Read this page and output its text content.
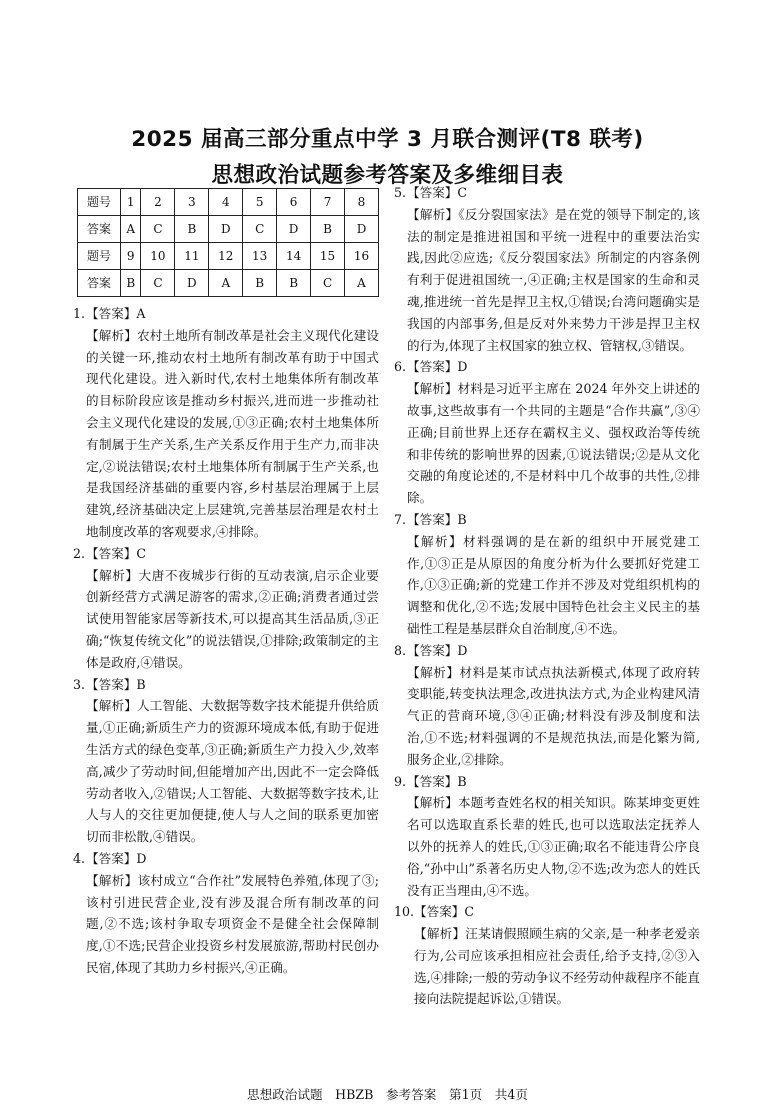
2025 届高三部分重点中学 3 月联合测评(T8 联考)
思想政治试题参考答案及多维细目表
题号	1	2	3	4	5	6	7	8
答案	A	C	B	D	C	D	B	D
题号	9	10	11	12	13	14	15	16
答案	B	C	D	A	B	B	C	A
1. 【答案】A
【解析】农村土地所有制改革是社会主义现代化建设的关键一环,推动农村土地所有制改革有助于中国式现代化建设。进入新时代,农村土地集体所有制改革的目标阶段应该是推动乡村振兴,进而进一步推动社会主义现代化建设的发展,①③正确;农村土地集体所有制属于生产关系,生产关系反作用于生产力,而非决定,②说法错误;农村土地集体所有制属于生产关系,也是我国经济基础的重要内容,乡村基层治理属于上层建筑,经济基础决定上层建筑,完善基层治理是农村土地制度改革的客观要求,④排除。
2. 【答案】C
【解析】大唐不夜城步行街的互动表演,启示企业要创新经营方式满足游客的需求,②正确;消费者通过尝试使用智能家居等新技术,可以提高其生活品质,③正确;“恢复传统文化”的说法错误,①排除;政策制定的主体是政府,④错误。
3. 【答案】B
【解析】人工智能、大数据等数字技术能提升供给质量,①正确;新质生产力的资源环境成本低,有助于促进生活方式的绿色变革,③正确;新质生产力投入少,效率高,减少了劳动时间,但能增加产出,因此不一定会降低劳动者收入,②错误;人工智能、大数据等数字技术,让人与人的交往更加便捷,使人与人之间的联系更加密切而非松散,④错误。
4. 【答案】D
【解析】该村成立“合作社”发展特色养殖,体现了③;该村引进民营企业,没有涉及混合所有制改革的问题,②不选;该村争取专项资金不是健全社会保障制度,①不选;民营企业投资乡村发展旅游,帮助村民创办民宿,体现了其助力乡村振兴,④正确。
5. 【答案】C
【解析】《反分裂国家法》是在党的领导下制定的,该法的制定是推进祖国和平统一进程中的重要法治实践,因此②应选;《反分裂国家法》所制定的内容条例有利于促进祖国统一,④正确;主权是国家的生命和灵魂,推进统一首先是捍卫主权,①错误;台湾问题确实是我国的内部事务,但是反对外来势力干涉是捍卫主权的行为,体现了主权国家的独立权、管辖权,③错误。
6. 【答案】D
【解析】材料是习近平主席在 2024 年外交上讲述的故事,这些故事有一个共同的主题是“合作共赢”,③④正确;目前世界上还存在霸权主义、强权政治等传统和非传统的影响世界的因素,①说法错误;②是从文化交融的角度论述的,不是材料中几个故事的共性,②排除。
7. 【答案】B
【解析】材料强调的是在新的组织中开展党建工作,①③正是从原因的角度分析为什么要抓好党建工作,①③正确;新的党建工作并不涉及对党组织机构的调整和优化,②不选;发展中国特色社会主义民主的基础性工程是基层群众自治制度,④不选。
8. 【答案】D
【解析】材料是某市试点执法新模式,体现了政府转变职能,转变执法理念,改进执法方式,为企业构建风清气正的营商环境,③④正确;材料没有涉及制度和法治,①不选;材料强调的不是规范执法,而是化繁为简,服务企业,②排除。
9. 【答案】B
【解析】本题考查姓名权的相关知识。陈某坤变更姓名可以选取直系长辈的姓氏,也可以选取法定抚养人以外的抚养人的姓氏,①③正确;取名不能违背公序良俗,“孙中山”系著名历史人物,②不选;改为恋人的姓氏没有正当理由,④不选。
10. 【答案】C
【解析】汪某请假照顾生病的父亲,是一种孝老爱亲行为,公司应该承担相应社会责任,给予支持,②③入选,④排除;一般的劳动争议不经劳动仲裁程序不能直接向法院提起诉讼,①错误。
思想政治试题　HBZB　参考答案　第1页　共4页
